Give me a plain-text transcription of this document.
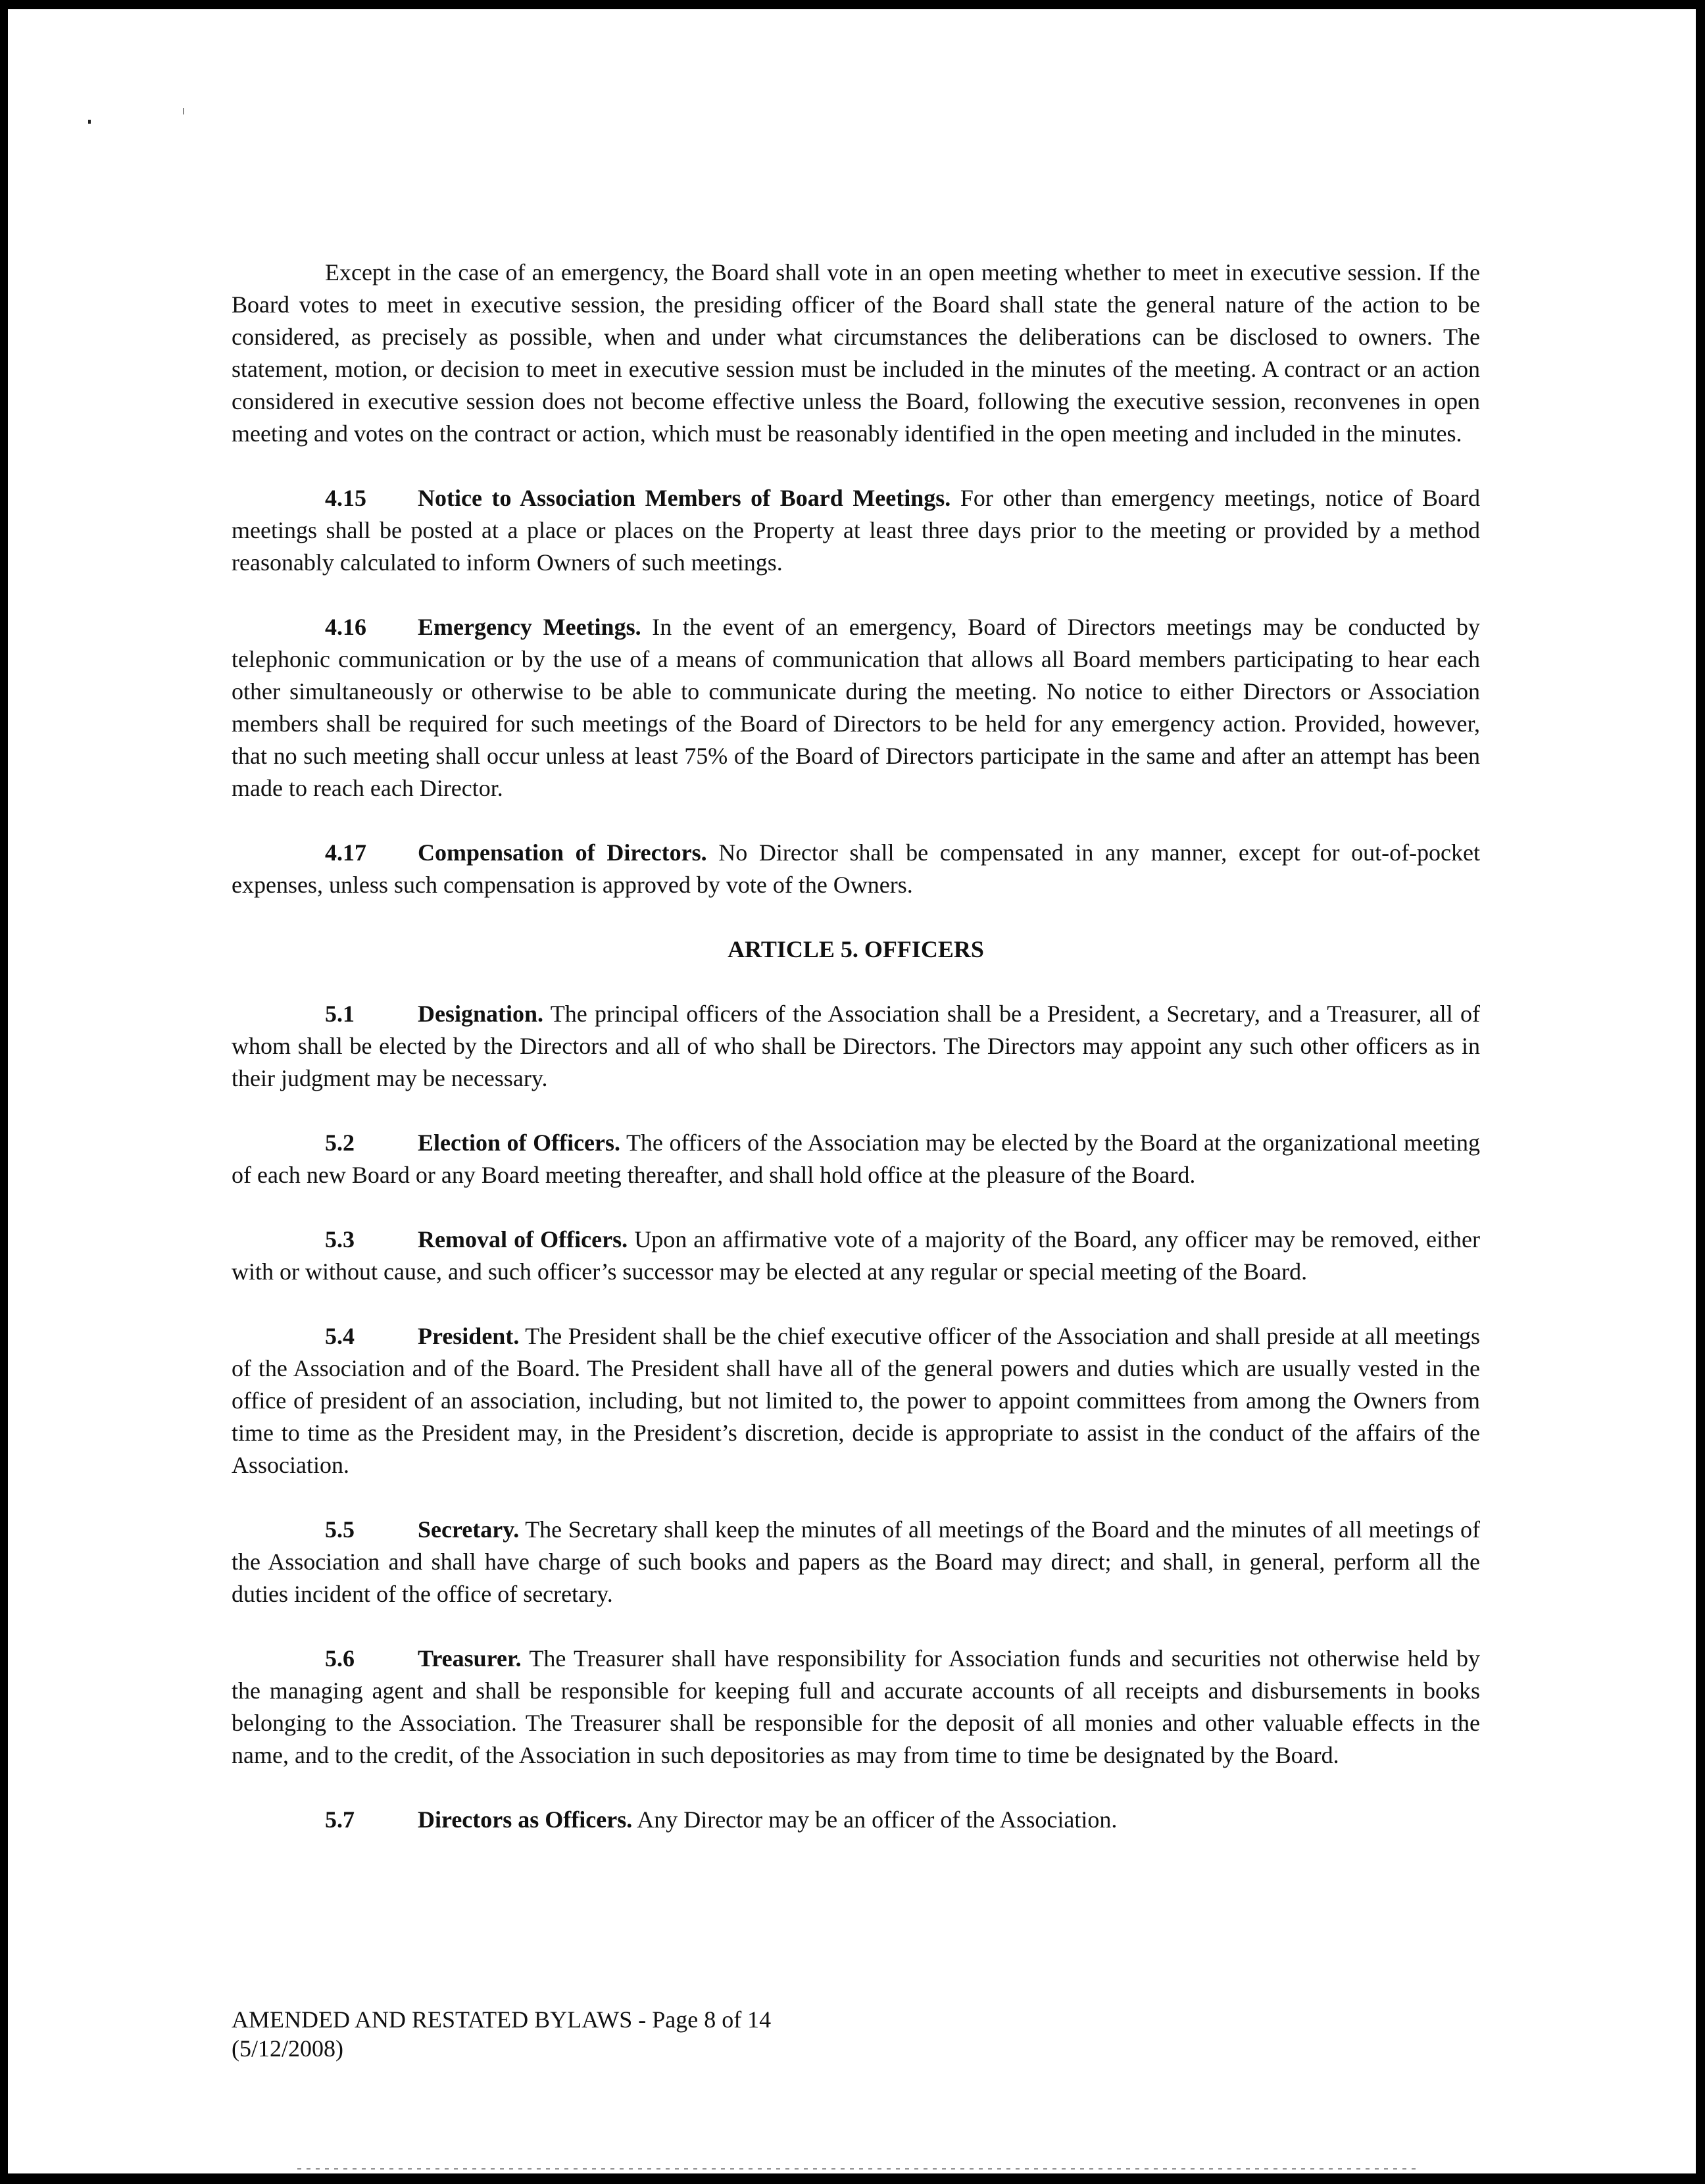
Except in the case of an emergency, the Board shall vote in an open meeting whether to meet in executive session. If the Board votes to meet in executive session, the presiding officer of the Board shall state the general nature of the action to be considered, as precisely as possible, when and under what circumstances the deliberations can be disclosed to owners. The statement, motion, or decision to meet in executive session must be included in the minutes of the meeting. A contract or an action considered in executive session does not become effective unless the Board, following the executive session, reconvenes in open meeting and votes on the contract or action, which must be reasonably identified in the open meeting and included in the minutes.

4.15 Notice to Association Members of Board Meetings. For other than emergency meetings, notice of Board meetings shall be posted at a place or places on the Property at least three days prior to the meeting or provided by a method reasonably calculated to inform Owners of such meetings.

4.16 Emergency Meetings. In the event of an emergency, Board of Directors meetings may be conducted by telephonic communication or by the use of a means of communication that allows all Board members participating to hear each other simultaneously or otherwise to be able to communicate during the meeting. No notice to either Directors or Association members shall be required for such meetings of the Board of Directors to be held for any emergency action. Provided, however, that no such meeting shall occur unless at least 75% of the Board of Directors participate in the same and after an attempt has been made to reach each Director.

4.17 Compensation of Directors. No Director shall be compensated in any manner, except for out-of-pocket expenses, unless such compensation is approved by vote of the Owners.

ARTICLE 5. OFFICERS

5.1	Designation. The principal officers of the Association shall be a President, a Secretary, and a Treasurer, all of whom shall be elected by the Directors and all of who shall be Directors. The Directors may appoint any such other officers as in their judgment may be necessary.

5.2	Election of Officers. The officers of the Association may be elected by the Board at the organizational meeting of each new Board or any Board meeting thereafter, and shall hold office at the pleasure of the Board.

5.3	Removal of Officers. Upon an affirmative vote of a majority of the Board, any officer may be removed, either with or without cause, and such officer’s successor may be elected at any regular or special meeting of the Board.

5.4	President. The President shall be the chief executive officer of the Association and shall preside at all meetings of the Association and of the Board. The President shall have all of the general powers and duties which are usually vested in the office of president of an association, including, but not limited to, the power to appoint committees from among the Owners from time to time as the President may, in the President’s discretion, decide is appropriate to assist in the conduct of the affairs of the Association.

5.5	Secretary. The Secretary shall keep the minutes of all meetings of the Board and the minutes of all meetings of the Association and shall have charge of such books and papers as the Board may direct; and shall, in general, perform all the duties incident of the office of secretary.

5.6	Treasurer. The Treasurer shall have responsibility for Association funds and securities not otherwise held by the managing agent and shall be responsible for keeping full and accurate accounts of all receipts and disbursements in books belonging to the Association. The Treasurer shall be responsible for the deposit of all monies and other valuable effects in the name, and to the credit, of the Association in such depositories as may from time to time be designated by the Board.

5.7	Directors as Officers. Any Director may be an officer of the Association.

AMENDED AND RESTATED BYLAWS - Page 8 of 14
(5/12/2008)
